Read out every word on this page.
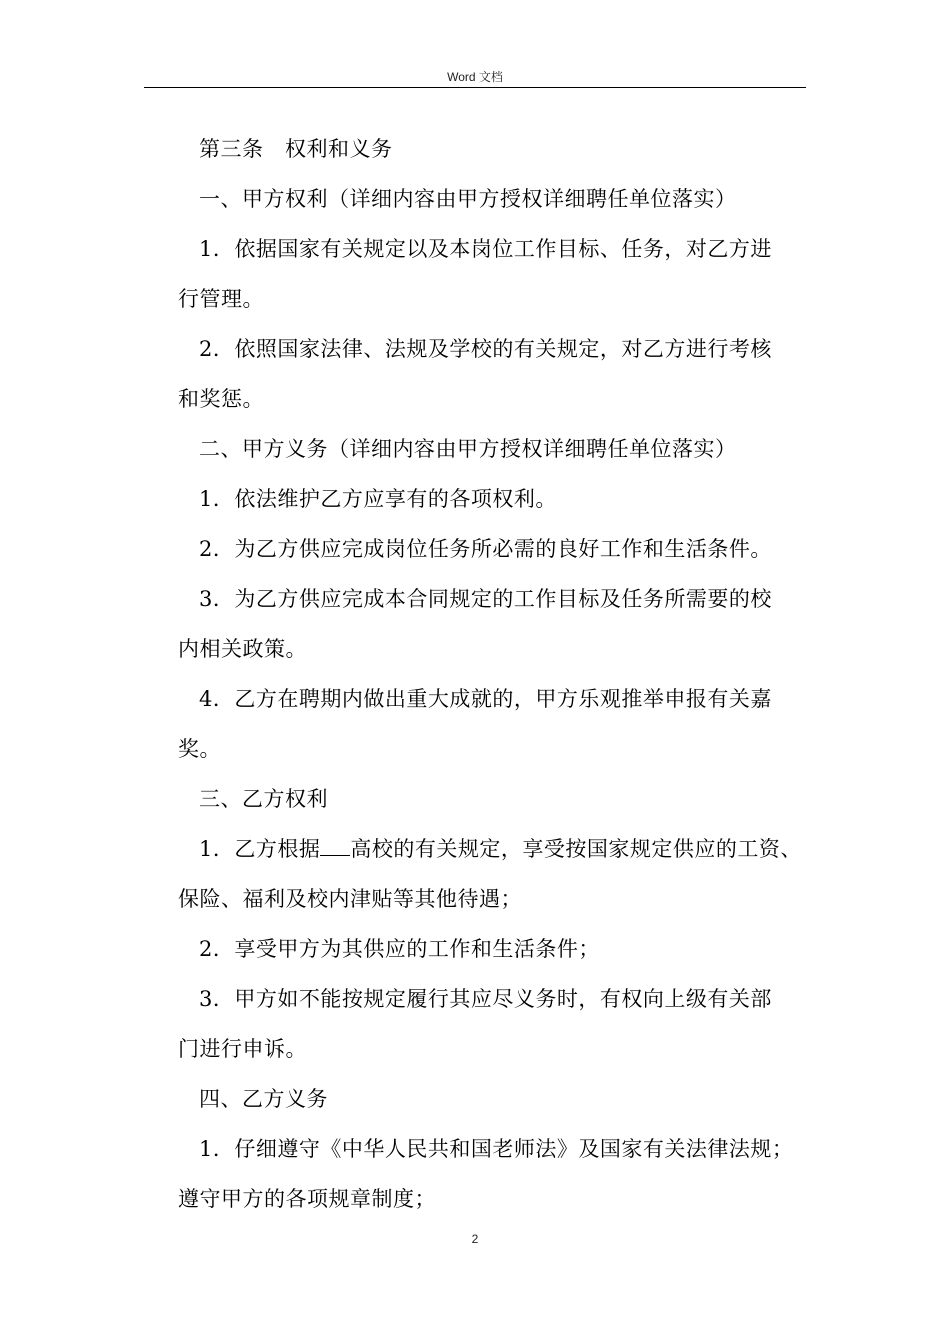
Word 文档
第三条　权利和义务
一、甲方权利（详细内容由甲方授权详细聘任单位落实）
1．依据国家有关规定以及本岗位工作目标、任务，对乙方进
行管理。
2．依照国家法律、法规及学校的有关规定，对乙方进行考核
和奖惩。
二、甲方义务（详细内容由甲方授权详细聘任单位落实）
1．依法维护乙方应享有的各项权利。
2．为乙方供应完成岗位任务所必需的良好工作和生活条件。
3．为乙方供应完成本合同规定的工作目标及任务所需要的校
内相关政策。
4．乙方在聘期内做出重大成就的，甲方乐观推举申报有关嘉
奖。
三、乙方权利
1．乙方根据 高校的有关规定，享受按国家规定供应的工资、
保险、福利及校内津贴等其他待遇；
2．享受甲方为其供应的工作和生活条件；
3．甲方如不能按规定履行其应尽义务时，有权向上级有关部
门进行申诉。
四、乙方义务
1．仔细遵守《中华人民共和国老师法》及国家有关法律法规；
遵守甲方的各项规章制度；
2
